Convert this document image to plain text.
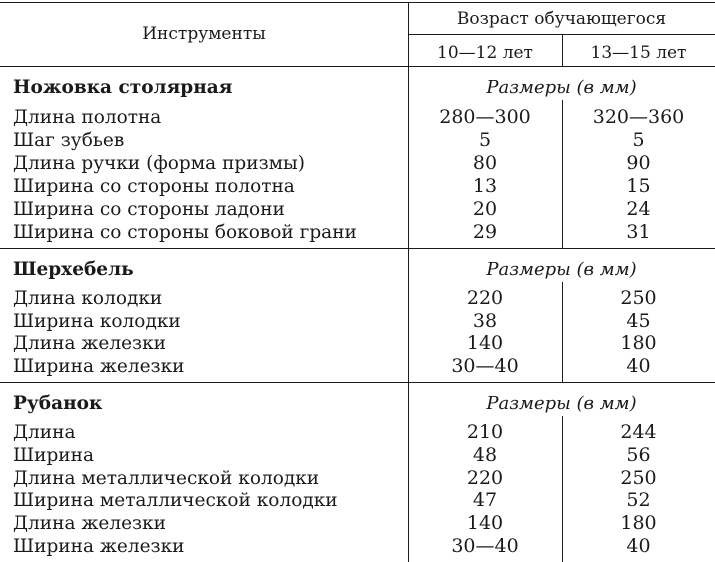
Инструменты
Возраст обучающегося
10—12 лет	13—15 лет
Ножовка столярная	Размеры (в мм)
Длина полотна	280—300	320—360
Шаг зубьев	5	5
Длина ручки (форма призмы)	80	90
Ширина со стороны полотна	13	15
Ширина со стороны ладони	20	24
Ширина со стороны боковой грани	29	31
Шерхебель	Размеры (в мм)
Длина колодки	220	250
Ширина колодки	38	45
Длина железки	140	180
Ширина железки	30—40	40
Рубанок	Размеры (в мм)
Длина	210	244
Ширина	48	56
Длина металлической колодки	220	250
Ширина металлической колодки	47	52
Длина железки	140	180
Ширина железки	30—40	40
